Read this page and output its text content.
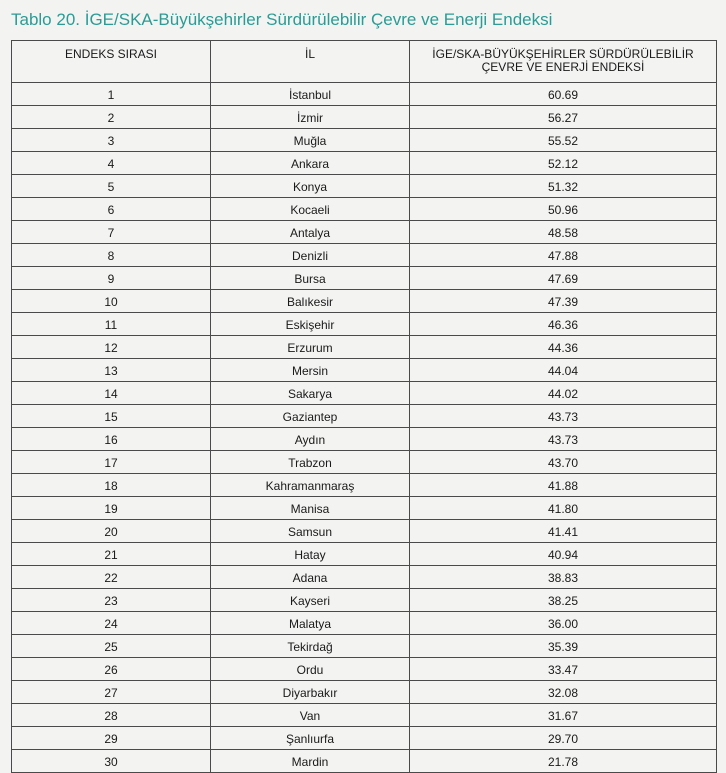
Tablo 20. İGE/SKA-Büyükşehirler Sürdürülebilir Çevre ve Enerji Endeksi
ENDEKS SIRASI	İL	İGE/SKA-BÜYÜKŞEHİRLER SÜRDÜRÜLEBİLİR
ÇEVRE VE ENERJİ ENDEKSİ
1	İstanbul	60.69
2	İzmir	56.27
3	Muğla	55.52
4	Ankara	52.12
5	Konya	51.32
6	Kocaeli	50.96
7	Antalya	48.58
8	Denizli	47.88
9	Bursa	47.69
10	Balıkesir	47.39
11	Eskişehir	46.36
12	Erzurum	44.36
13	Mersin	44.04
14	Sakarya	44.02
15	Gaziantep	43.73
16	Aydın	43.73
17	Trabzon	43.70
18	Kahramanmaraş	41.88
19	Manisa	41.80
20	Samsun	41.41
21	Hatay	40.94
22	Adana	38.83
23	Kayseri	38.25
24	Malatya	36.00
25	Tekirdağ	35.39
26	Ordu	33.47
27	Diyarbakır	32.08
28	Van	31.67
29	Şanlıurfa	29.70
30	Mardin	21.78
